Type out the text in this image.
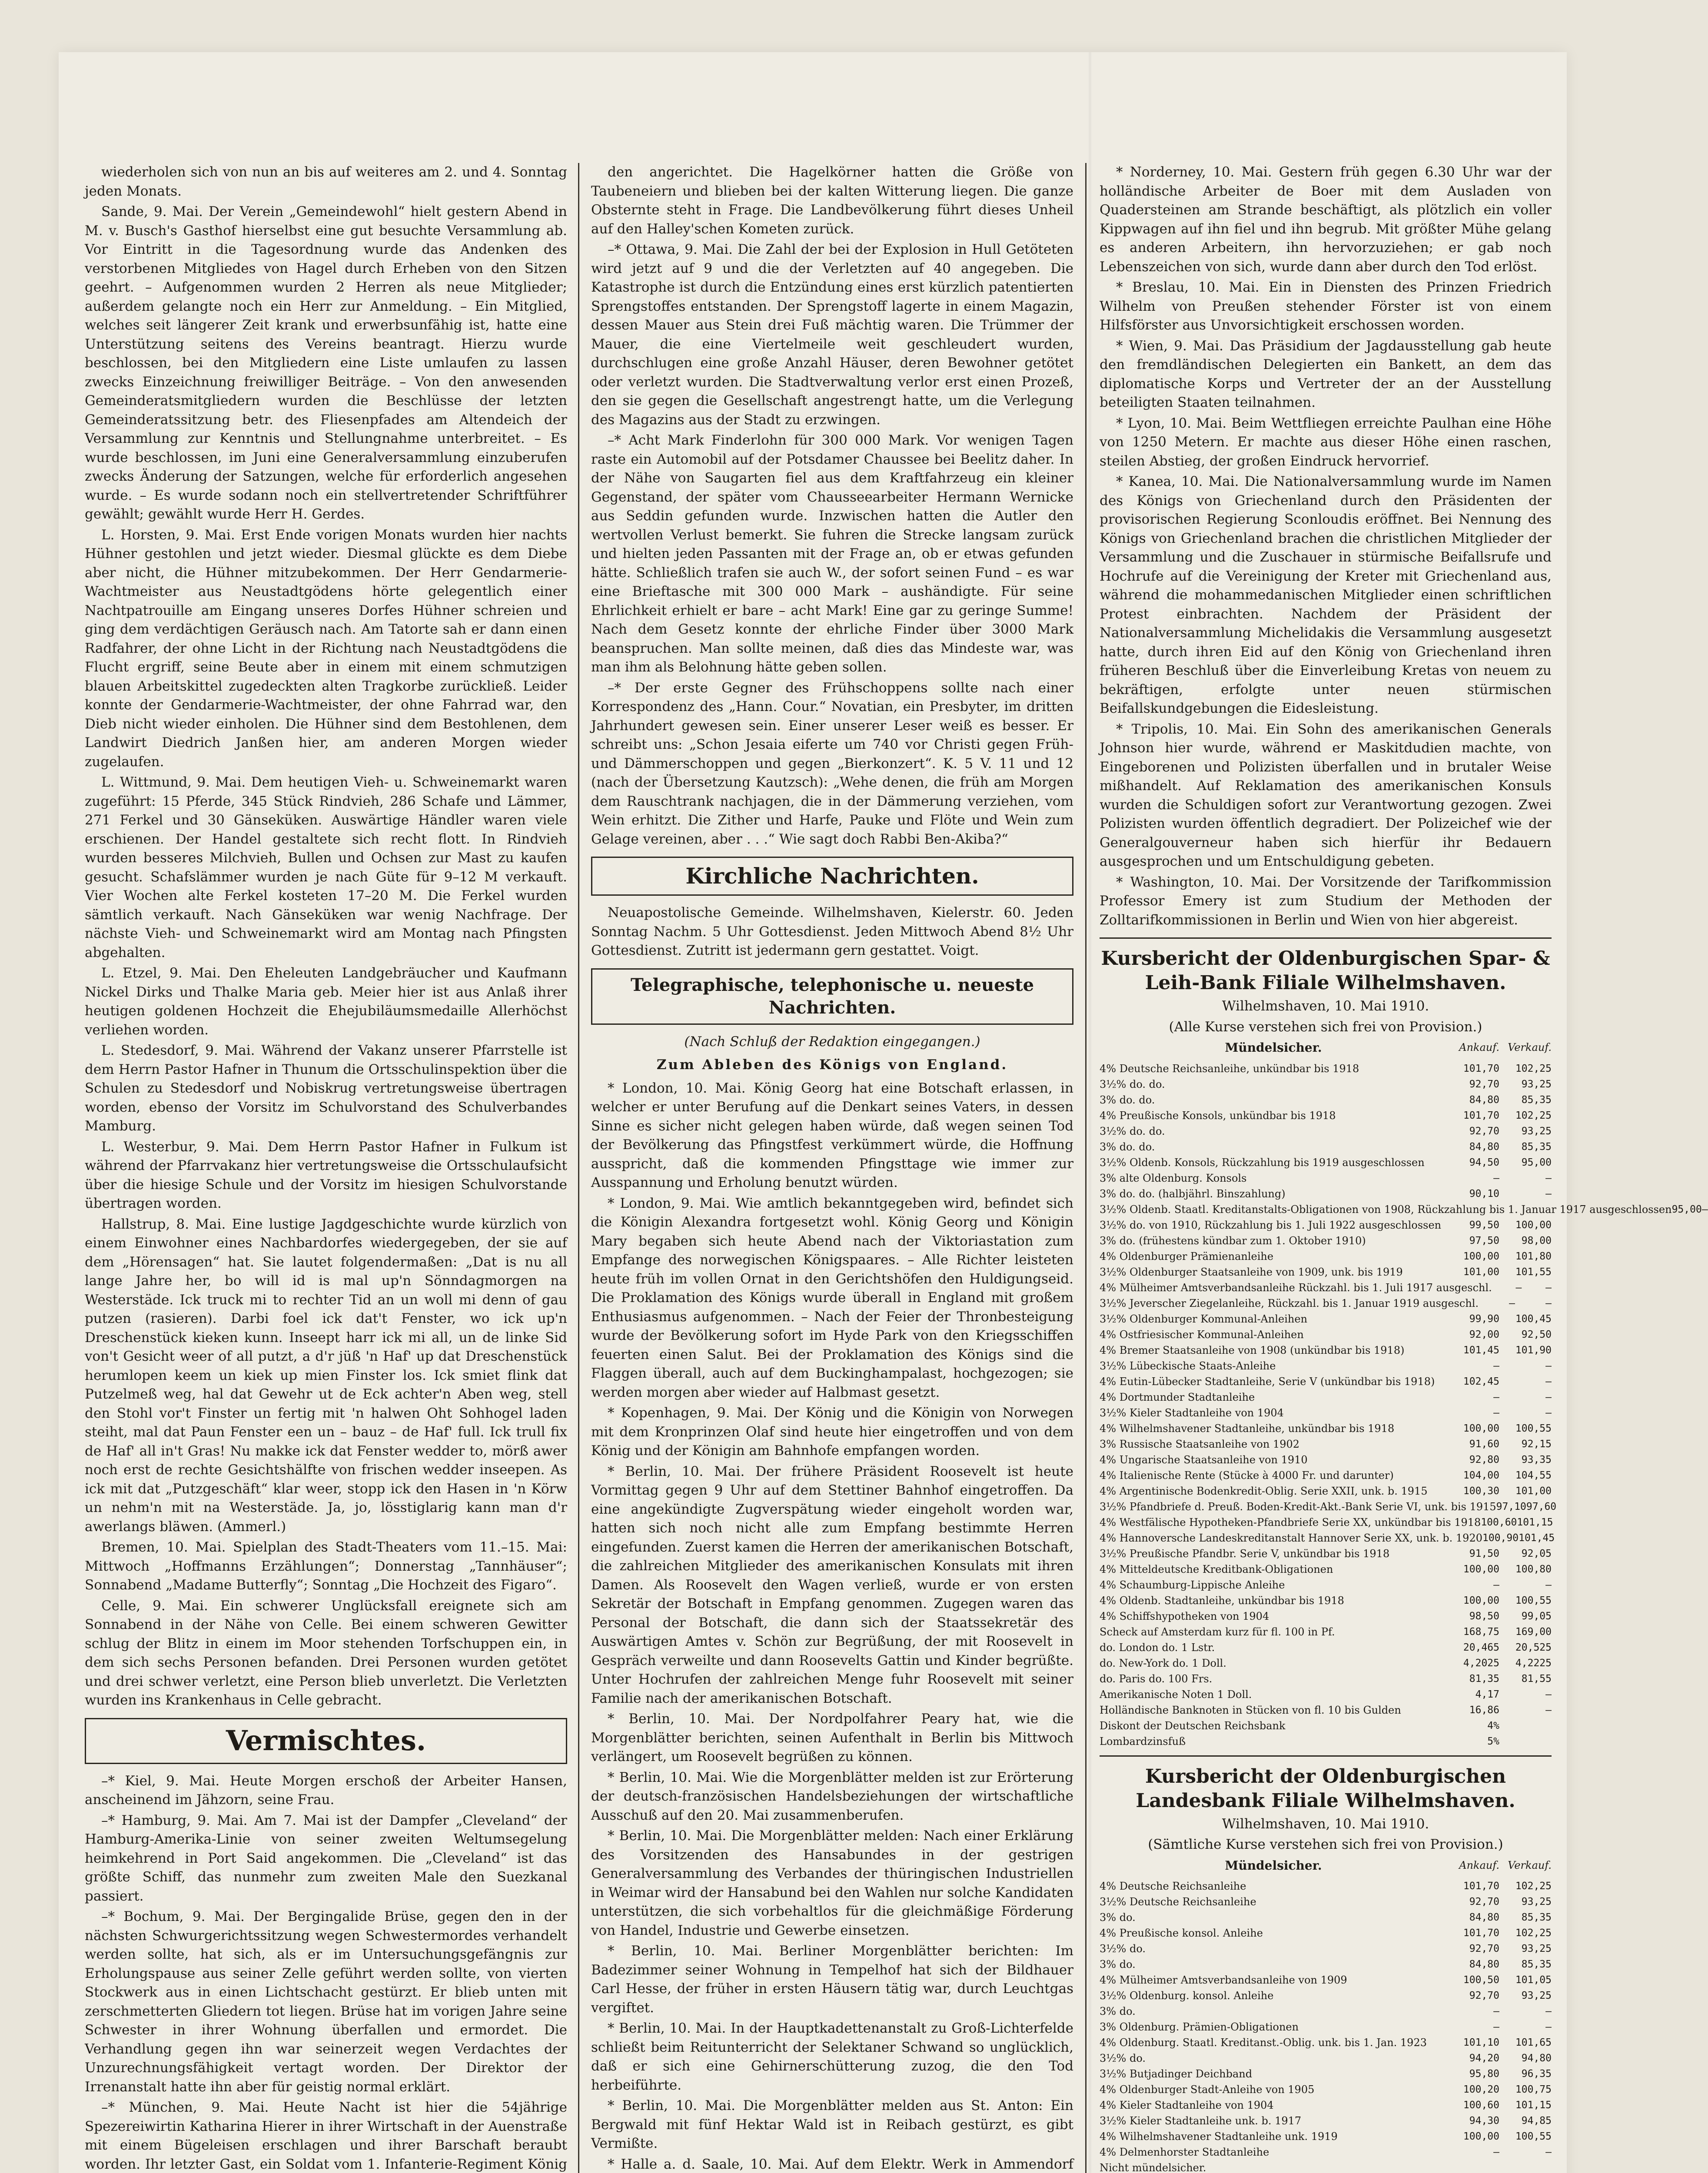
wiederholen sich von nun an bis auf weiteres am 2. und 4. Sonntag jeden Monats.

Sande, 9. Mai. Der Verein „Gemeindewohl“ hielt gestern Abend in M. v. Busch's Gasthof hierselbst eine gut besuchte Versammlung ab. Vor Eintritt in die Tagesordnung wurde das Andenken des verstorbenen Mitgliedes von Hagel durch Erheben von den Sitzen geehrt. – Aufgenommen wurden 2 Herren als neue Mitglieder; außerdem gelangte noch ein Herr zur Anmeldung. – Ein Mitglied, welches seit längerer Zeit krank und erwerbsunfähig ist, hatte eine Unterstützung seitens des Vereins beantragt. Hierzu wurde beschlossen, bei den Mitgliedern eine Liste umlaufen zu lassen zwecks Einzeichnung freiwilliger Beiträge. – Von den anwesenden Gemeinderatsmitgliedern wurden die Beschlüsse der letzten Gemeinderatssitzung betr. des Fliesenpfades am Altendeich der Versammlung zur Kenntnis und Stellungnahme unterbreitet. – Es wurde beschlossen, im Juni eine Generalversammlung einzuberufen zwecks Änderung der Satzungen, welche für erforderlich angesehen wurde. – Es wurde sodann noch ein stellvertretender Schriftführer gewählt; gewählt wurde Herr H. Gerdes.

L. Horsten, 9. Mai. Erst Ende vorigen Monats wurden hier nachts Hühner gestohlen und jetzt wieder. Diesmal glückte es dem Diebe aber nicht, die Hühner mitzubekommen. Der Herr Gendarmerie-Wachtmeister aus Neustadtgödens hörte gelegentlich einer Nachtpatrouille am Eingang unseres Dorfes Hühner schreien und ging dem verdächtigen Geräusch nach. Am Tatorte sah er dann einen Radfahrer, der ohne Licht in der Richtung nach Neustadtgödens die Flucht ergriff, seine Beute aber in einem mit einem schmutzigen blauen Arbeitskittel zugedeckten alten Tragkorbe zurückließ. Leider konnte der Gendarmerie-Wachtmeister, der ohne Fahrrad war, den Dieb nicht wieder einholen. Die Hühner sind dem Bestohlenen, dem Landwirt Diedrich Janßen hier, am anderen Morgen wieder zugelaufen.

L. Wittmund, 9. Mai. Dem heutigen Vieh- u. Schweinemarkt waren zugeführt: 15 Pferde, 345 Stück Rindvieh, 286 Schafe und Lämmer, 271 Ferkel und 30 Gänseküken. Auswärtige Händler waren viele erschienen. Der Handel gestaltete sich recht flott. In Rindvieh wurden besseres Milchvieh, Bullen und Ochsen zur Mast zu kaufen gesucht. Schafslämmer wurden je nach Güte für 9–12 M verkauft. Vier Wochen alte Ferkel kosteten 17–20 M. Die Ferkel wurden sämtlich verkauft. Nach Gänseküken war wenig Nachfrage. Der nächste Vieh- und Schweinemarkt wird am Montag nach Pfingsten abgehalten.

L. Etzel, 9. Mai. Den Eheleuten Landgebräucher und Kaufmann Nickel Dirks und Thalke Maria geb. Meier hier ist aus Anlaß ihrer heutigen goldenen Hochzeit die Ehejubiläumsmedaille Allerhöchst verliehen worden.

L. Stedesdorf, 9. Mai. Während der Vakanz unserer Pfarrstelle ist dem Herrn Pastor Hafner in Thunum die Ortsschulinspektion über die Schulen zu Stedesdorf und Nobiskrug vertretungsweise übertragen worden, ebenso der Vorsitz im Schulvorstand des Schulverbandes Mamburg.

L. Westerbur, 9. Mai. Dem Herrn Pastor Hafner in Fulkum ist während der Pfarrvakanz hier vertretungsweise die Ortsschulaufsicht über die hiesige Schule und der Vorsitz im hiesigen Schulvorstande übertragen worden.

Hallstrup, 8. Mai. Eine lustige Jagdgeschichte wurde kürzlich von einem Einwohner eines Nachbardorfes wiedergegeben, der sie auf dem „Hörensagen“ hat. Sie lautet folgendermaßen: „Dat is nu all lange Jahre her, bo will id is mal up'n Sönndagmorgen na Westerstäde. Ick truck mi to rechter Tid an un woll mi denn of gau putzen (rasieren). Darbi foel ick dat't Fenster, wo ick up'n Dreschenstück kieken kunn. Inseept harr ick mi all, un de linke Sid von't Gesicht weer of all putzt, a d'r jüß 'n Haf' up dat Dreschenstück herumlopen keem un kiek up mien Finster los. Ick smiet flink dat Putzelmeß weg, hal dat Gewehr ut de Eck achter'n Aben weg, stell den Stohl vor't Finster un fertig mit 'n halwen Oht Sohhogel laden steiht, mal dat Paun Fenster een un – bauz – de Haf' full. Ick trull fix de Haf' all in't Gras! Nu makke ick dat Fenster wedder to, mörß awer noch erst de rechte Gesichtshälfte von frischen wedder inseepen. As ick mit dat „Putzgeschäft“ klar weer, stopp ick den Hasen in 'n Körw un nehm'n mit na Westerstäde. Ja, jo, lösstiglarig kann man d'r awerlangs bläwen. (Ammerl.)

Bremen, 10. Mai. Spielplan des Stadt-Theaters vom 11.–15. Mai: Mittwoch „Hoffmanns Erzählungen“; Donnerstag „Tannhäuser“; Sonnabend „Madame Butterfly“; Sonntag „Die Hochzeit des Figaro“.

Celle, 9. Mai. Ein schwerer Unglücksfall ereignete sich am Sonnabend in der Nähe von Celle. Bei einem schweren Gewitter schlug der Blitz in einem im Moor stehenden Torfschuppen ein, in dem sich sechs Personen befanden. Drei Personen wurden getötet und drei schwer verletzt, eine Person blieb unverletzt. Die Verletzten wurden ins Krankenhaus in Celle gebracht.

Vermischtes.

–* Kiel, 9. Mai. Heute Morgen erschoß der Arbeiter Hansen, anscheinend im Jähzorn, seine Frau.

–* Hamburg, 9. Mai. Am 7. Mai ist der Dampfer „Cleveland“ der Hamburg-Amerika-Linie von seiner zweiten Weltumsegelung heimkehrend in Port Said angekommen. Die „Cleveland“ ist das größte Schiff, das nunmehr zum zweiten Male den Suezkanal passiert.

–* Bochum, 9. Mai. Der Bergingalide Brüse, gegen den in der nächsten Schwurgerichtssitzung wegen Schwestermordes verhandelt werden sollte, hat sich, als er im Untersuchungsgefängnis zur Erholungspause aus seiner Zelle geführt werden sollte, von vierten Stockwerk aus in einen Lichtschacht gestürzt. Er blieb unten mit zerschmetterten Gliedern tot liegen. Brüse hat im vorigen Jahre seine Schwester in ihrer Wohnung überfallen und ermordet. Die Verhandlung gegen ihn war seinerzeit wegen Verdachtes der Unzurechnungsfähigkeit vertagt worden. Der Direktor der Irrenanstalt hatte ihn aber für geistig normal erklärt.

–* München, 9. Mai. Heute Nacht ist hier die 54jährige Spezereiwirtin Katharina Hierer in ihrer Wirtschaft in der Auenstraße mit einem Bügeleisen erschlagen und ihrer Barschaft beraubt worden. Ihr letzter Gast, ein Soldat vom 1. Infanterie-Regiment König

den angerichtet. Die Hagelkörner hatten die Größe von Taubeneiern und blieben bei der kalten Witterung liegen. Die ganze Obsternte steht in Frage. Die Landbevölkerung führt dieses Unheil auf den Halley'schen Kometen zurück.

–* Ottawa, 9. Mai. Die Zahl der bei der Explosion in Hull Getöteten wird jetzt auf 9 und die der Verletzten auf 40 angegeben. Die Katastrophe ist durch die Entzündung eines erst kürzlich patentierten Sprengstoffes entstanden. Der Sprengstoff lagerte in einem Magazin, dessen Mauer aus Stein drei Fuß mächtig waren. Die Trümmer der Mauer, die eine Viertelmeile weit geschleudert wurden, durchschlugen eine große Anzahl Häuser, deren Bewohner getötet oder verletzt wurden. Die Stadtverwaltung verlor erst einen Prozeß, den sie gegen die Gesellschaft angestrengt hatte, um die Verlegung des Magazins aus der Stadt zu erzwingen.

–* Acht Mark Finderlohn für 300 000 Mark. Vor wenigen Tagen raste ein Automobil auf der Potsdamer Chaussee bei Beelitz daher. In der Nähe von Saugarten fiel aus dem Kraftfahrzeug ein kleiner Gegenstand, der später vom Chausseearbeiter Hermann Wernicke aus Seddin gefunden wurde. Inzwischen hatten die Autler den wertvollen Verlust bemerkt. Sie fuhren die Strecke langsam zurück und hielten jeden Passanten mit der Frage an, ob er etwas gefunden hätte. Schließlich trafen sie auch W., der sofort seinen Fund – es war eine Brieftasche mit 300 000 Mark – aushändigte. Für seine Ehrlichkeit erhielt er bare – acht Mark! Eine gar zu geringe Summe! Nach dem Gesetz konnte der ehrliche Finder über 3000 Mark beanspruchen. Man sollte meinen, daß dies das Mindeste war, was man ihm als Belohnung hätte geben sollen.

–* Der erste Gegner des Frühschoppens sollte nach einer Korrespondenz des „Hann. Cour.“ Novatian, ein Presbyter, im dritten Jahrhundert gewesen sein. Einer unserer Leser weiß es besser. Er schreibt uns: „Schon Jesaia eiferte um 740 vor Christi gegen Früh- und Dämmerschoppen und gegen „Bierkonzert“. K. 5 V. 11 und 12 (nach der Übersetzung Kautzsch): „Wehe denen, die früh am Morgen dem Rauschtrank nachjagen, die in der Dämmerung verziehen, vom Wein erhitzt. Die Zither und Harfe, Pauke und Flöte und Wein zum Gelage vereinen, aber . . .“ Wie sagt doch Rabbi Ben-Akiba?“

Kirchliche Nachrichten.

Neuapostolische Gemeinde. Wilhelmshaven, Kielerstr. 60. Jeden Sonntag Nachm. 5 Uhr Gottesdienst. Jeden Mittwoch Abend 8½ Uhr Gottesdienst. Zutritt ist jedermann gern gestattet. Voigt.

Telegraphische, telephonische u. neueste Nachrichten.
(Nach Schluß der Redaktion eingegangen.)
Zum Ableben des Königs von England.

* London, 10. Mai. König Georg hat eine Botschaft erlassen, in welcher er unter Berufung auf die Denkart seines Vaters, in dessen Sinne es sicher nicht gelegen haben würde, daß wegen seinen Tod der Bevölkerung das Pfingstfest verkümmert würde, die Hoffnung ausspricht, daß die kommenden Pfingsttage wie immer zur Ausspannung und Erholung benutzt würden.

* London, 9. Mai. Wie amtlich bekanntgegeben wird, befindet sich die Königin Alexandra fortgesetzt wohl. König Georg und Königin Mary begaben sich heute Abend nach der Viktoriastation zum Empfange des norwegischen Königspaares. – Alle Richter leisteten heute früh im vollen Ornat in den Gerichtshöfen den Huldigungseid. Die Proklamation des Königs wurde überall in England mit großem Enthusiasmus aufgenommen. – Nach der Feier der Thronbesteigung wurde der Bevölkerung sofort im Hyde Park von den Kriegsschiffen feuerten einen Salut. Bei der Proklamation des Königs sind die Flaggen überall, auch auf dem Buckinghampalast, hochgezogen; sie werden morgen aber wieder auf Halbmast gesetzt.

* Kopenhagen, 9. Mai. Der König und die Königin von Norwegen mit dem Kronprinzen Olaf sind heute hier eingetroffen und von dem König und der Königin am Bahnhofe empfangen worden.

* Berlin, 10. Mai. Der frühere Präsident Roosevelt ist heute Vormittag gegen 9 Uhr auf dem Stettiner Bahnhof eingetroffen. Da eine angekündigte Zugverspätung wieder eingeholt worden war, hatten sich noch nicht alle zum Empfang bestimmte Herren eingefunden. Zuerst kamen die Herren der amerikanischen Botschaft, die zahlreichen Mitglieder des amerikanischen Konsulats mit ihren Damen. Als Roosevelt den Wagen verließ, wurde er von ersten Sekretär der Botschaft in Empfang genommen. Zugegen waren das Personal der Botschaft, die dann sich der Staatssekretär des Auswärtigen Amtes v. Schön zur Begrüßung, der mit Roosevelt in Gespräch verweilte und dann Roosevelts Gattin und Kinder begrüßte. Unter Hochrufen der zahlreichen Menge fuhr Roosevelt mit seiner Familie nach der amerikanischen Botschaft.

* Berlin, 10. Mai. Der Nordpolfahrer Peary hat, wie die Morgenblätter berichten, seinen Aufenthalt in Berlin bis Mittwoch verlängert, um Roosevelt begrüßen zu können.

* Berlin, 10. Mai. Wie die Morgenblätter melden ist zur Erörterung der deutsch-französischen Handelsbeziehungen der wirtschaftliche Ausschuß auf den 20. Mai zusammenberufen.

* Berlin, 10. Mai. Die Morgenblätter melden: Nach einer Erklärung des Vorsitzenden des Hansabundes in der gestrigen Generalversammlung des Verbandes der thüringischen Industriellen in Weimar wird der Hansabund bei den Wahlen nur solche Kandidaten unterstützen, die sich vorbehaltlos für die gleichmäßige Förderung von Handel, Industrie und Gewerbe einsetzen.

* Berlin, 10. Mai. Berliner Morgenblätter berichten: Im Badezimmer seiner Wohnung in Tempelhof hat sich der Bildhauer Carl Hesse, der früher in ersten Häusern tätig war, durch Leuchtgas vergiftet.

* Berlin, 10. Mai. In der Hauptkadettenanstalt zu Groß-Lichterfelde schließt beim Reitunterricht der Selektaner Schwand so unglücklich, daß er sich eine Gehirnerschütterung zuzog, die den Tod herbeiführte.

* Berlin, 10. Mai. Die Morgenblätter melden aus St. Anton: Ein Bergwald mit fünf Hektar Wald ist in Reibach gestürzt, es gibt Vermißte.

* Halle a. d. Saale, 10. Mai. Auf dem Elektr. Werk in Ammendorf

* Norderney, 10. Mai. Gestern früh gegen 6.30 Uhr war der holländische Arbeiter de Boer mit dem Ausladen von Quadersteinen am Strande beschäftigt, als plötzlich ein voller Kippwagen auf ihn fiel und ihn begrub. Mit größter Mühe gelang es anderen Arbeitern, ihn hervorzuziehen; er gab noch Lebenszeichen von sich, wurde dann aber durch den Tod erlöst.

* Breslau, 10. Mai. Ein in Diensten des Prinzen Friedrich Wilhelm von Preußen stehender Förster ist von einem Hilfsförster aus Unvorsichtigkeit erschossen worden.

* Wien, 9. Mai. Das Präsidium der Jagdausstellung gab heute den fremdländischen Delegierten ein Bankett, an dem das diplomatische Korps und Vertreter der an der Ausstellung beteiligten Staaten teilnahmen.

* Lyon, 10. Mai. Beim Wettfliegen erreichte Paulhan eine Höhe von 1250 Metern. Er machte aus dieser Höhe einen raschen, steilen Abstieg, der großen Eindruck hervorrief.

* Kanea, 10. Mai. Die Nationalversammlung wurde im Namen des Königs von Griechenland durch den Präsidenten der provisorischen Regierung Sconloudis eröffnet. Bei Nennung des Königs von Griechenland brachen die christlichen Mitglieder der Versammlung und die Zuschauer in stürmische Beifallsrufe und Hochrufe auf die Vereinigung der Kreter mit Griechenland aus, während die mohammedanischen Mitglieder einen schriftlichen Protest einbrachten. Nachdem der Präsident der Nationalversammlung Michelidakis die Versammlung ausgesetzt hatte, durch ihren Eid auf den König von Griechenland ihren früheren Beschluß über die Einverleibung Kretas von neuem zu bekräftigen, erfolgte unter neuen stürmischen Beifallskundgebungen die Eidesleistung.

* Tripolis, 10. Mai. Ein Sohn des amerikanischen Generals Johnson hier wurde, während er Maskitdudien machte, von Eingeborenen und Polizisten überfallen und in brutaler Weise mißhandelt. Auf Reklamation des amerikanischen Konsuls wurden die Schuldigen sofort zur Verantwortung gezogen. Zwei Polizisten wurden öffentlich degradiert. Der Polizeichef wie der Generalgouverneur haben sich hierfür ihr Bedauern ausgesprochen und um Entschuldigung gebeten.

* Washington, 10. Mai. Der Vorsitzende der Tarifkommission Professor Emery ist zum Studium der Methoden der Zolltarifkommissionen in Berlin und Wien von hier abgereist.

Kursbericht der Oldenburgischen Spar- & Leih-Bank Filiale Wilhelmshaven.
Wilhelmshaven, 10. Mai 1910.
(Alle Kurse verstehen sich frei von Provision.)
Mündelsicher.	Ankauf. Verkauf.
4% Deutsche Reichsanleihe, unkündbar bis 1918	101,70	102,25
3½% do. do.	92,70	93,25
3% do. do.	84,80	85,35
4% Preußische Konsols, unkündbar bis 1918	101,70	102,25
3½% do. do.	92,70	93,25
3% do. do.	84,80	85,35
3½% Oldenb. Konsols, Rückzahlung bis 1919 ausgeschlossen	94,50	95,00
3% alte Oldenburg. Konsols	—	—
3% do. do. (halbjährl. Binszahlung)	90,10	—
3½% Oldenb. Staatl. Kreditanstalts-Obligationen von 1908, Rückzahlung bis 1. Januar 1917 ausgeschlossen 95,00 —
3½% do. von 1910, Rückzahlung bis 1. Juli 1922 ausgeschlossen	99,50	100,00
3% do. (frühestens kündbar zum 1. Oktober 1910)	97,50	98,00
4% Oldenburger Prämienanleihe	100,00	101,80
3½% Oldenburger Staatsanleihe von 1909, unk. bis 1919	101,00	101,55
4% Mülheimer Amtsverbandsanleihe Rückzahl. bis 1. Juli 1917 ausgeschl.	—	—
3½% Jeverscher Ziegelanleihe, Rückzahl. bis 1. Januar 1919 ausgeschl.	—	—
3½% Oldenburger Kommunal-Anleihen	99,90	100,45
4% Ostfriesischer Kommunal-Anleihen	92,00	92,50
4% Bremer Staatsanleihe von 1908 (unkündbar bis 1918)	101,45	101,90
3½% Lübeckische Staats-Anleihe	—	—
4% Eutin-Lübecker Stadtanleihe, Serie V (unkündbar bis 1918)	102,45	—
4% Dortmunder Stadtanleihe	—	—
3½% Kieler Stadtanleihe von 1904	—	—
4% Wilhelmshavener Stadtanleihe, unkündbar bis 1918	100,00	100,55
3% Russische Staatsanleihe von 1902	91,60	92,15
4% Ungarische Staatsanleihe von 1910	92,80	93,35
4% Italienische Rente (Stücke à 4000 Fr. und darunter)	104,00	104,55
4% Argentinische Bodenkredit-Oblig. Serie XXII, unk. b. 1915	100,30	101,00
3½% Pfandbriefe d. Preuß. Boden-Kredit-Akt.-Bank Serie VI, unk. bis 1915 97,10 97,60
4% Westfälische Hypotheken-Pfandbriefe Serie XX, unkündbar bis 1918 100,60 101,15
4% Hannoversche Landeskreditanstalt Hannover Serie XX, unk. b. 1920 100,90 101,45
3½% Preußische Pfandbr. Serie V, unkündbar bis 1918	91,50	92,05
4% Mitteldeutsche Kreditbank-Obligationen	100,00	100,80
4% Schaumburg-Lippische Anleihe	—	—
4% Oldenb. Stadtanleihe, unkündbar bis 1918	100,00	100,55
4% Schiffshypotheken von 1904	98,50	99,05
Scheck auf Amsterdam kurz für fl. 100 in Pf.	168,75	169,00
do. London do. 1 Lstr.	20,465	20,525
do. New-York do. 1 Doll.	4,2025	4,2225
do. Paris do. 100 Frs.	81,35	81,55
Amerikanische Noten 1 Doll.	4,17	—
Holländische Banknoten in Stücken von fl. 10 bis Gulden	16,86	—
Diskont der Deutschen Reichsbank	4%
Lombardzinsfuß	5%
Kursbericht der Oldenburgischen Landesbank Filiale Wilhelmshaven.
Wilhelmshaven, 10. Mai 1910.
(Sämtliche Kurse verstehen sich frei von Provision.)
Mündelsicher.	Ankauf. Verkauf.
4% Deutsche Reichsanleihe	101,70	102,25
3½% Deutsche Reichsanleihe	92,70	93,25
3% do.	84,80	85,35
4% Preußische konsol. Anleihe	101,70	102,25
3½% do.	92,70	93,25
3% do.	84,80	85,35
4% Mülheimer Amtsverbandsanleihe von 1909	100,50	101,05
3½% Oldenburg. konsol. Anleihe	92,70	93,25
3% do.	—	—
3% Oldenburg. Prämien-Obligationen	—	—
4% Oldenburg. Staatl. Kreditanst.-Oblig. unk. bis 1. Jan. 1923	101,10	101,65
3½% do.	94,20	94,80
3½% Butjadinger Deichband	95,80	96,35
4% Oldenburger Stadt-Anleihe von 1905	100,20	100,75
4% Kieler Stadtanleihe von 1904	100,60	101,15
3½% Kieler Stadtanleihe unk. b. 1917	94,30	94,85
4% Wilhelmshavener Stadtanleihe unk. 1919	100,00	100,55
4% Delmenhorster Stadtanleihe	—	—
Nicht mündelsicher.
